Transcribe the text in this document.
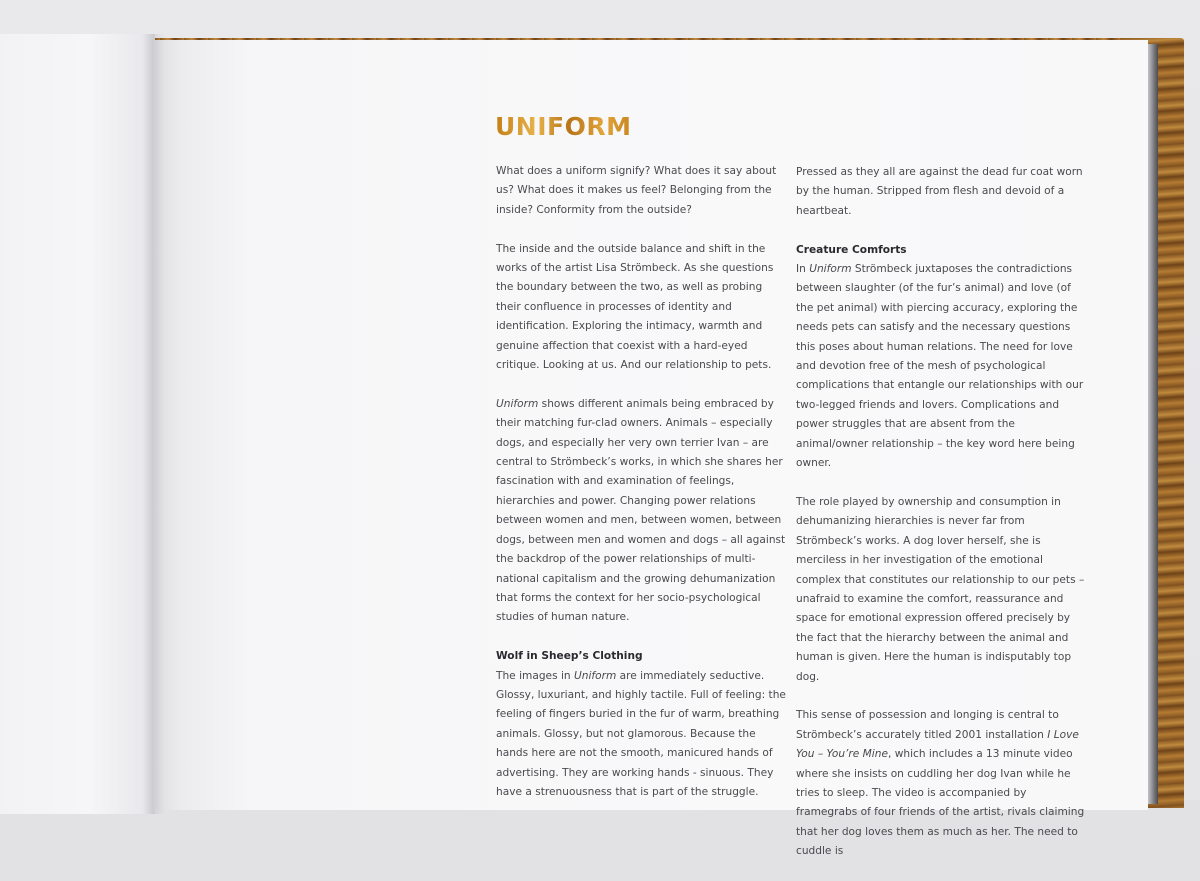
UNIFORM

What does a uniform signify? What does it say about us? What does it makes us feel? Belonging from the inside? Conformity from the outside?

The inside and the outside balance and shift in the works of the artist Lisa Strömbeck. As she questions the boundary between the two, as well as probing their confluence in processes of identity and identification. Exploring the intimacy, warmth and genuine affection that coexist with a hard-eyed critique. Looking at us. And our relationship to pets.

Uniform shows different animals being embraced by their matching fur-clad owners. Animals – especially dogs, and especially her very own terrier Ivan – are central to Strömbeck’s works, in which she shares her fascination with and examination of feelings, hierarchies and power. Changing power relations between women and men, between women, between dogs, between men and women and dogs – all against the backdrop of the power relationships of multi-national capitalism and the growing dehumanization that forms the context for her socio-psychological studies of human nature.

Wolf in Sheep’s Clothing

The images in Uniform are immediately seductive. Glossy, luxuriant, and highly tactile. Full of feeling: the feeling of fingers buried in the fur of warm, breathing animals. Glossy, but not glamorous. Because the hands here are not the smooth, manicured hands of advertising. They are working hands - sinuous. They have a strenuousness that is part of the struggle.

Pressed as they all are against the dead fur coat worn by the human. Stripped from flesh and devoid of a heartbeat.

Creature Comforts

In Uniform Strömbeck juxtaposes the contradictions between slaughter (of the fur’s animal) and love (of the pet animal) with piercing accuracy, exploring the needs pets can satisfy and the necessary questions this poses about human relations. The need for love and devotion free of the mesh of psychological complications that entangle our relationships with our two-legged friends and lovers. Complications and power struggles that are absent from the animal/owner relationship – the key word here being owner.

The role played by ownership and consumption in dehumanizing hierarchies is never far from Strömbeck’s works. A dog lover herself, she is merciless in her investigation of the emotional complex that constitutes our relationship to our pets – unafraid to examine the comfort, reassurance and space for emotional expression offered precisely by the fact that the hierarchy between the animal and human is given. Here the human is indisputably top dog.

This sense of possession and longing is central to Strömbeck’s accurately titled 2001 installation I Love You – You’re Mine, which includes a 13 minute video where she insists on cuddling her dog Ivan while he tries to sleep. The video is accompanied by framegrabs of four friends of the artist, rivals claiming that her dog loves them as much as her. The need to cuddle is
